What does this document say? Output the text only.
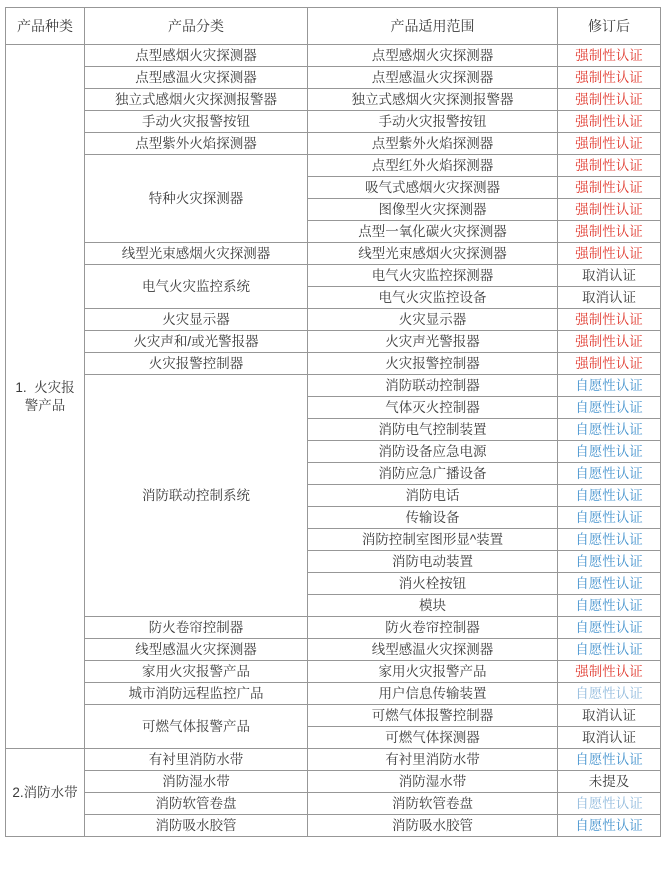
产品种类	产品分类	产品适用范围	修订后

1.  火灾报
警产品	点型感烟火灾探测器	点型感烟火灾探测器	强制性认证
	点型感温火灾探测器	点型感温火灾探测器	强制性认证
	独立式感烟火灾探测报警器	独立式感烟火灾探测报警器	强制性认证
	手动火灾报警按钮	手动火灾报警按钮	强制性认证
	点型紫外火焰探测器	点型紫外火焰探测器	强制性认证
	特种火灾探测器	点型红外火焰探测器	强制性认证
		吸气式感烟火灾探测器	强制性认证
		图像型火灾探测器	强制性认证
		点型一氧化碳火灾探测器	强制性认证
	线型光束感烟火灾探测器	线型光束感烟火灾探测器	强制性认证
	电气火灾监控系统	电气火灾监控探测器	取消认证
		电气火灾监控设备	取消认证
	火灾显示器	火灾显示器	强制性认证
	火灾声和/或光警报器	火灾声光警报器	强制性认证
	火灾报警控制器	火灾报警控制器	强制性认证
	消防联动控制系统	消防联动控制器	自愿性认证
		气体灭火控制器	自愿性认证
		消防电气控制装置	自愿性认证
		消防设备应急电源	自愿性认证
		消防应急广播设备	自愿性认证
		消防电话	自愿性认证
		传输设备	自愿性认证
		消防控制室图形显^装置	自愿性认证
		消防电动装置	自愿性认证
		消火栓按钮	自愿性认证
		模块	自愿性认证
	防火卷帘控制器	防火卷帘控制器	自愿性认证
	线型感温火灾探测器	线型感温火灾探测器	自愿性认证
	家用火灾报警产品	家用火灾报警产品	强制性认证
	城市消防远程监控广品	用户信息传输装置	自愿性认证
	可燃气体报警产品	可燃气体报警控制器	取消认证
		可燃气体探测器	取消认证

2.消防水带	有衬里消防水带	有衬里消防水带	自愿性认证
	消防湿水带	消防湿水带	未提及
	消防软管卷盘	消防软管卷盘	自愿性认证
	消防吸水胶管	消防吸水胶管	自愿性认证
